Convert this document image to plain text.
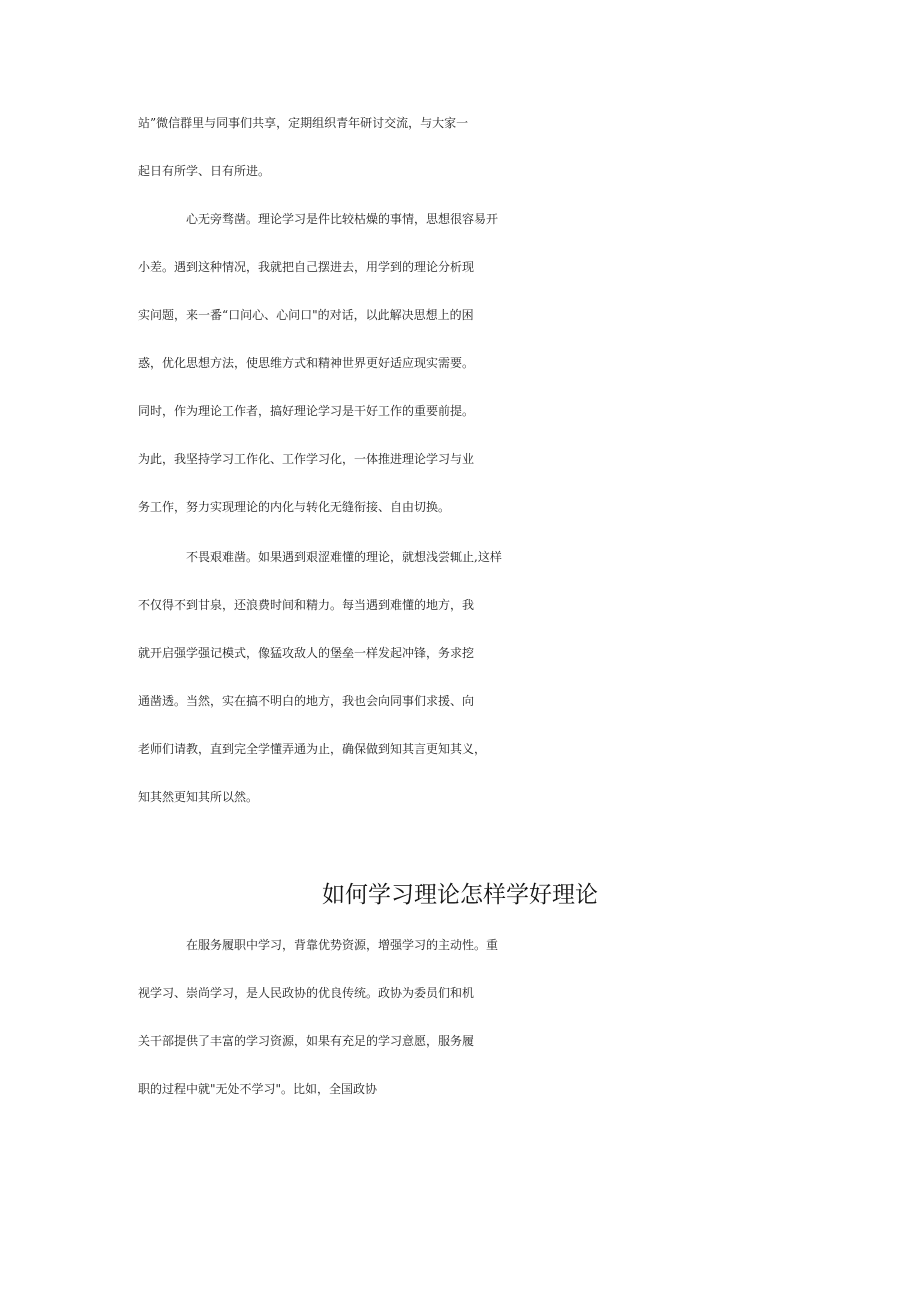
站”微信群里与同事们共享，定期组织青年研讨交流，与大家一
起日有所学、日有所进。
心无旁骛凿。理论学习是件比较枯燥的事情，思想很容易开
小差。遇到这种情况，我就把自己摆进去，用学到的理论分析现
实问题，来一番“口问心、心问口"的对话，以此解决思想上的困
惑，优化思想方法，使思维方式和精神世界更好适应现实需要。
同时，作为理论工作者，搞好理论学习是干好工作的重要前提。
为此，我坚持学习工作化、工作学习化，一体推进理论学习与业
务工作，努力实现理论的内化与转化无缝衔接、自由切换。
不畏艰难凿。如果遇到艰涩难懂的理论，就想浅尝辄止,这样
不仅得不到甘泉，还浪费时间和精力。每当遇到难懂的地方，我
就开启强学强记模式，像猛攻敌人的堡垒一样发起冲锋，务求挖
通凿透。当然，实在搞不明白的地方，我也会向同事们求援、向
老师们请教，直到完全学懂弄通为止，确保做到知其言更知其义，
知其然更知其所以然。
如何学习理论怎样学好理论
在服务履职中学习，背靠优势资源，增强学习的主动性。重
视学习、崇尚学习，是人民政协的优良传统。政协为委员们和机
关干部提供了丰富的学习资源，如果有充足的学习意愿，服务履
职的过程中就"无处不学习"。比如，全国政协
